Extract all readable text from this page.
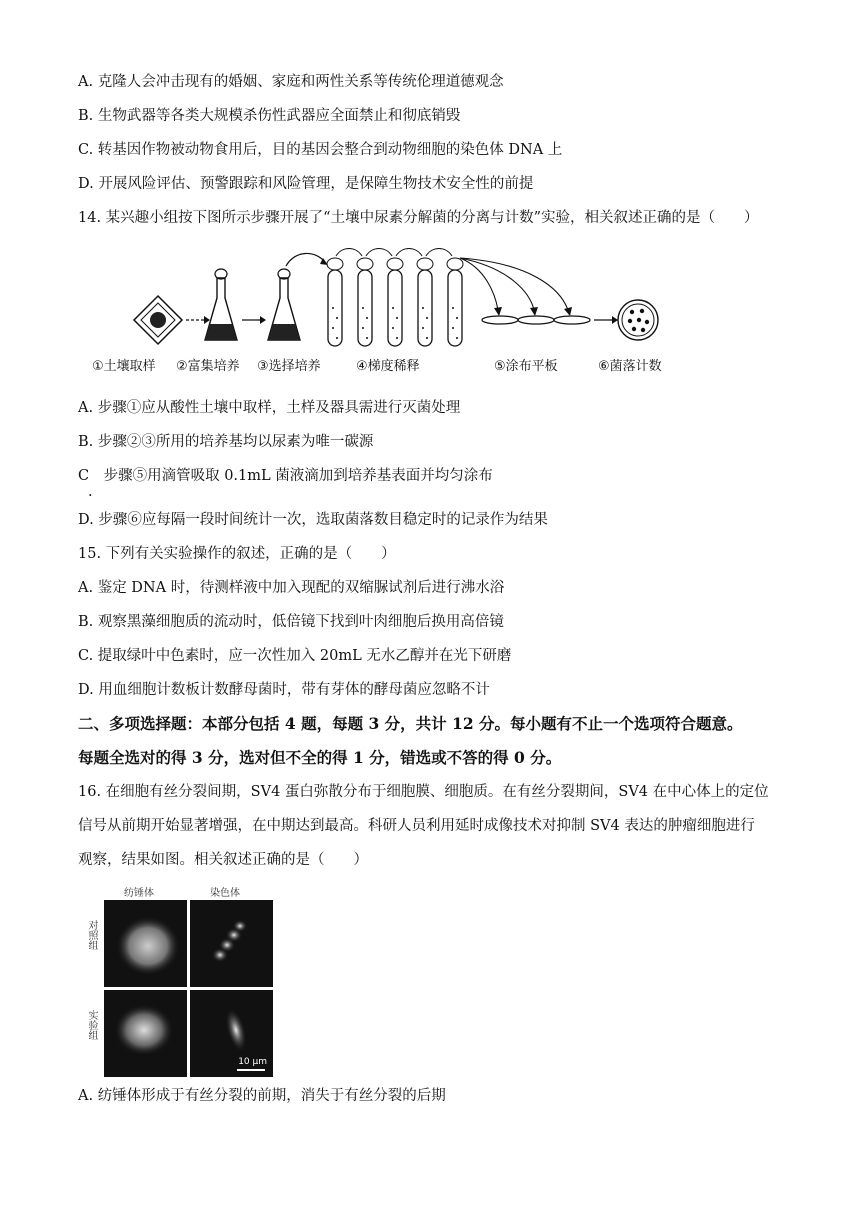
A. 克隆人会冲击现有的婚姻、家庭和两性关系等传统伦理道德观念
B. 生物武器等各类大规模杀伤性武器应全面禁止和彻底销毁
C. 转基因作物被动物食用后，目的基因会整合到动物细胞的染色体 DNA 上
D. 开展风险评估、预警跟踪和风险管理，是保障生物技术安全性的前提
14. 某兴趣小组按下图所示步骤开展了“土壤中尿素分解菌的分离与计数”实验，相关叙述正确的是（　　）
①土壤取样 ②富集培养 ③选择培养	④梯度稀释	⑤涂布平板	⑥菌落计数
A. 步骤①应从酸性土壤中取样，土样及器具需进行灭菌处理
B. 步骤②③所用的培养基均以尿素为唯一碳源
C　步骤⑤用滴管吸取 0.1mL 菌液滴加到培养基表面并均匀涂布
.
D. 步骤⑥应每隔一段时间统计一次，选取菌落数目稳定时的记录作为结果
15. 下列有关实验操作的叙述，正确的是（　　）
A. 鉴定 DNA 时，待测样液中加入现配的双缩脲试剂后进行沸水浴
B. 观察黑藻细胞质的流动时，低倍镜下找到叶肉细胞后换用高倍镜
C. 提取绿叶中色素时，应一次性加入 20mL 无水乙醇并在光下研磨
D. 用血细胞计数板计数酵母菌时，带有芽体的酵母菌应忽略不计
二、多项选择题：本部分包括 4 题，每题 3 分，共计 12 分。每小题有不止一个选项符合题意。
每题全选对的得 3 分，选对但不全的得 1 分，错选或不答的得 0 分。
16. 在细胞有丝分裂间期，SV4 蛋白弥散分布于细胞膜、细胞质。在有丝分裂期间，SV4 在中心体上的定位
信号从前期开始显著增强，在中期达到最高。科研人员利用延时成像技术对抑制 SV4 表达的肿瘤细胞进行
观察，结果如图。相关叙述正确的是（　　）
纺锤体	染色体
对照组
实验组
10 μm
A. 纺锤体形成于有丝分裂的前期，消失于有丝分裂的后期
